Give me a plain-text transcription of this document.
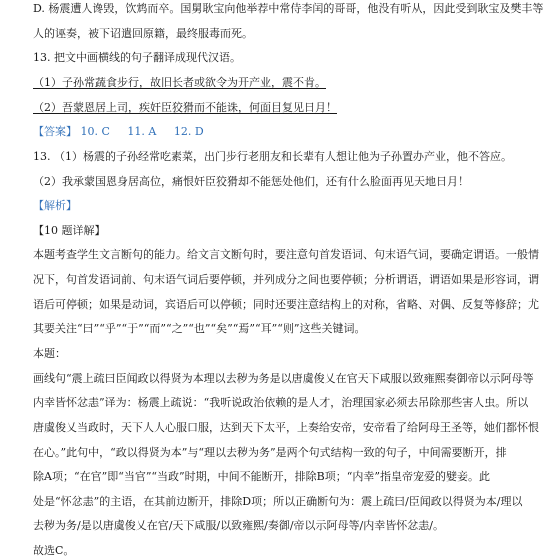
D. 杨震遭人谗毁，饮鸩而卒。国舅耿宝向他举荐中常侍李闰的哥哥，他没有听从，因此受到耿宝及樊丰等
人的诬奏，被下诏遣回原籍，最终服毒而死。
13. 把文中画横线的句子翻译成现代汉语。
（1）子孙常蔬食步行，故旧长者或欲令为开产业，震不肯。
（2）吾蒙恩居上司，疾奸臣狡猾而不能诛，何面目复见日月！
【答案】 10. C 11. A 12. D
13. （1）杨震的子孙经常吃素菜，出门步行老朋友和长辈有人想让他为子孙置办产业，他不答应。
（2）我承蒙国恩身居高位，痛恨奸臣狡猾却不能惩处他们，还有什么脸面再见天地日月！
【解析】
【10 题详解】
本题考查学生文言断句的能力。给文言文断句时，要注意句首发语词、句末语气词，要确定谓语。一般情
况下，句首发语词前、句末语气词后要停顿，并列成分之间也要停顿；分析谓语，谓语如果是形容词，谓
语后可停顿；如果是动词，宾语后可以停顿；同时还要注意结构上的对称，省略、对偶、反复等修辞；尤
其要关注“曰”“乎”“于”“而”“之”“也”“矣”“焉”“耳”“则”这些关键词。
本题：
画线句“震上疏曰臣闻政以得贤为本理以去秽为务是以唐虞俊乂在官天下咸服以致雍熙奏御帝以示阿母等
内幸皆怀忿恚”译为：杨震上疏说：“我听说政治依赖的是人才，治理国家必须去吊除那些害人虫。所以
唐虞俊乂当政时，天下人人心服口服，达到天下太平，上奏给安帝，安帝看了给阿母王圣等，她们都怀恨
在心。”此句中，“政以得贤为本”与“理以去秽为务”是两个句式结构一致的句子，中间需要断开，排
除A项；“在官”即“当官”“当政”时期，中间不能断开，排除B项；“内幸”指皇帝宠爱的嬖妾。此
处是“怀忿恚”的主语，在其前边断开，排除D项；所以正确断句为：震上疏曰/臣闻政以得贤为本/理以
去秽为务/是以唐虞俊乂在官/天下咸服/以致雍熙/奏御/帝以示阿母等/内幸皆怀忿恚/。
故选C。
